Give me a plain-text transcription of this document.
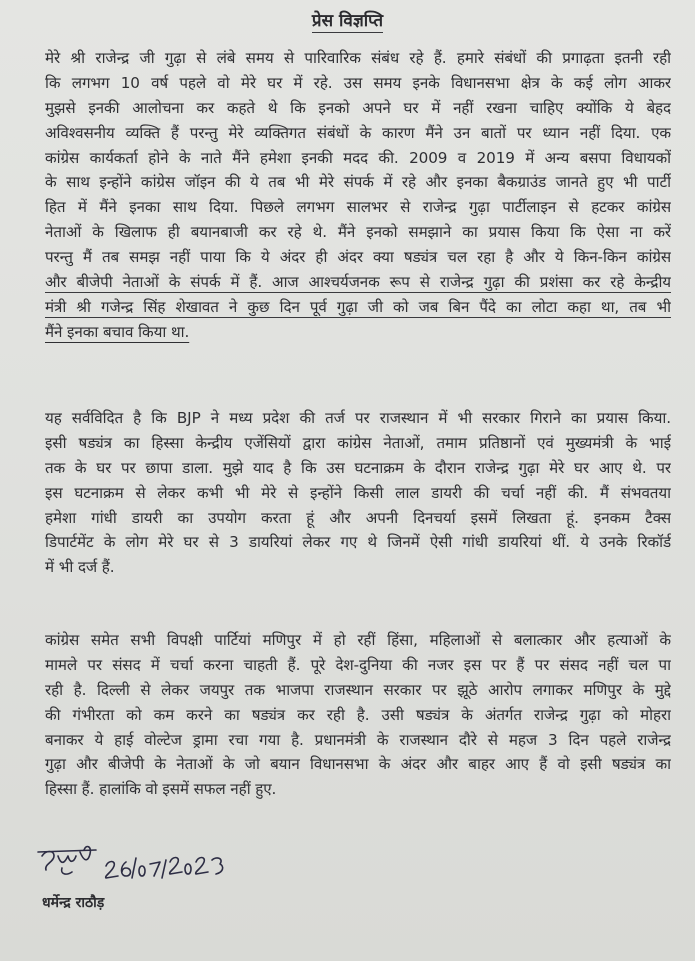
प्रेस विज्ञप्ति
मेरे श्री राजेन्द्र जी गुढ़ा से लंबे समय से पारिवारिक संबंध रहे हैं. हमारे संबंधों की प्रगाढ़ता इतनी रही
कि लगभग 10 वर्ष पहले वो मेरे घर में रहे. उस समय इनके विधानसभा क्षेत्र के कई लोग आकर
मुझसे इनकी आलोचना कर कहते थे कि इनको अपने घर में नहीं रखना चाहिए क्योंकि ये बेहद
अविश्वसनीय व्यक्ति हैं परन्तु मेरे व्यक्तिगत संबंधों के कारण मैंने उन बातों पर ध्यान नहीं दिया. एक
कांग्रेस कार्यकर्ता होने के नाते मैंने हमेशा इनकी मदद की. 2009 व 2019 में अन्य बसपा विधायकों
के साथ इन्होंने कांग्रेस जॉइन की ये तब भी मेरे संपर्क में रहे और इनका बैकग्राउंड जानते हुए भी पार्टी
हित में मैंने इनका साथ दिया. पिछले लगभग सालभर से राजेन्द्र गुढ़ा पार्टीलाइन से हटकर कांग्रेस
नेताओं के खिलाफ ही बयानबाजी कर रहे थे. मैंने इनको समझाने का प्रयास किया कि ऐसा ना करें
परन्तु मैं तब समझ नहीं पाया कि ये अंदर ही अंदर क्या षड्यंत्र चल रहा है और ये किन-किन कांग्रेस
और बीजेपी नेताओं के संपर्क में हैं. आज आश्चर्यजनक रूप से राजेन्द्र गुढ़ा की प्रशंसा कर रहे केन्द्रीय
मंत्री श्री गजेन्द्र सिंह शेखावत ने कुछ दिन पूर्व गुढ़ा जी को जब बिन पैंदे का लोटा कहा था, तब भी
मैंने इनका बचाव किया था.
यह सर्वविदित है कि BJP ने मध्य प्रदेश की तर्ज पर राजस्थान में भी सरकार गिराने का प्रयास किया.
इसी षड्यंत्र का हिस्सा केन्द्रीय एजेंसियों द्वारा कांग्रेस नेताओं, तमाम प्रतिष्ठानों एवं मुख्यमंत्री के भाई
तक के घर पर छापा डाला. मुझे याद है कि उस घटनाक्रम के दौरान राजेन्द्र गुढ़ा मेरे घर आए थे. पर
इस घटनाक्रम से लेकर कभी भी मेरे से इन्होंने किसी लाल डायरी की चर्चा नहीं की. मैं संभवतया
हमेशा गांधी डायरी का उपयोग करता हूं और अपनी दिनचर्या इसमें लिखता हूं. इनकम टैक्स
डिपार्टमेंट के लोग मेरे घर से 3 डायरियां लेकर गए थे जिनमें ऐसी गांधी डायरियां थीं. ये उनके रिकॉर्ड
में भी दर्ज हैं.
कांग्रेस समेत सभी विपक्षी पार्टियां मणिपुर में हो रहीं हिंसा, महिलाओं से बलात्कार और हत्याओं के
मामले पर संसद में चर्चा करना चाहती हैं. पूरे देश-दुनिया की नजर इस पर हैं पर संसद नहीं चल पा
रही है. दिल्ली से लेकर जयपुर तक भाजपा राजस्थान सरकार पर झूठे आरोप लगाकर मणिपुर के मुद्दे
की गंभीरता को कम करने का षड्यंत्र कर रही है. उसी षड्यंत्र के अंतर्गत राजेन्द्र गुढ़ा को मोहरा
बनाकर ये हाई वोल्टेज ड्रामा रचा गया है. प्रधानमंत्री के राजस्थान दौरे से महज 3 दिन पहले राजेन्द्र
गुढ़ा और बीजेपी के नेताओं के जो बयान विधानसभा के अंदर और बाहर आए हैं वो इसी षड्यंत्र का
हिस्सा हैं. हालांकि वो इसमें सफल नहीं हुए.
धर्मेन्द्र राठौड़
